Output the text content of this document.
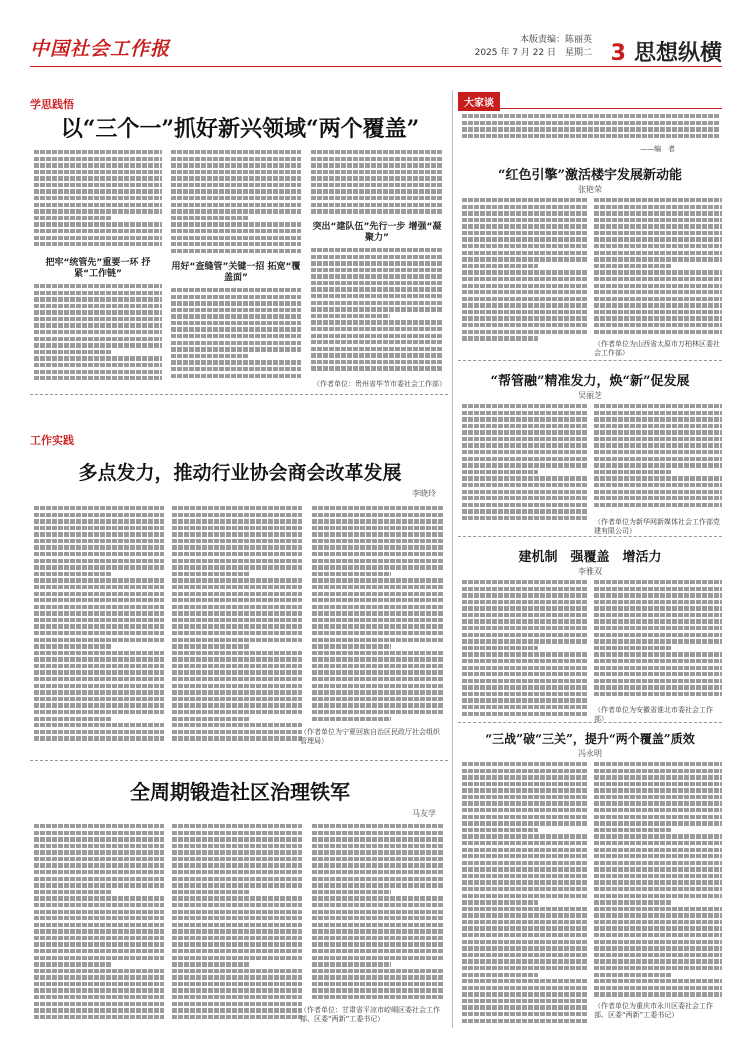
中国社会工作报	本版责编：陈丽英
2025 年 7 月 22 日　星期二 3 思想纵横
学思践悟
以“三个一”抓好新兴领域“两个覆盖”
把牢“统管先”重要一环 抒紧“工作链”
用好“查缝管”关键一招 拓宽“覆盖面”
突出“建队伍”先行一步 增强“凝聚力”
（作者单位：贵州省毕节市委社会工作部）
工作实践
多点发力，推动行业协会商会改革发展
李晓玲
（作者单位为宁夏回族自治区民政厅社会组织管理局）
全周期锻造社区治理铁军
马友学
（作者单位：甘肃省平凉市崆峒区委社会工作部、区委“两新”工委书记）
大家谈
——编　者
“红色引擎”激活楼宇发展新动能
张艳荣
（作者单位为山西省太原市万柏林区委社会工作部）
“帮管融”精准发力，焕“新”促发展
吴丽芝
（作者单位为新华网新媒体社会工作部党建有限公司）
建机制　强覆盖　增活力
李雅双
（作者单位为安徽省淮北市委社会工作部）
“三战”破“三关”，提升“两个覆盖”质效
冯永明
（作者单位为重庆市永川区委社会工作部、区委“两新”工委书记）
